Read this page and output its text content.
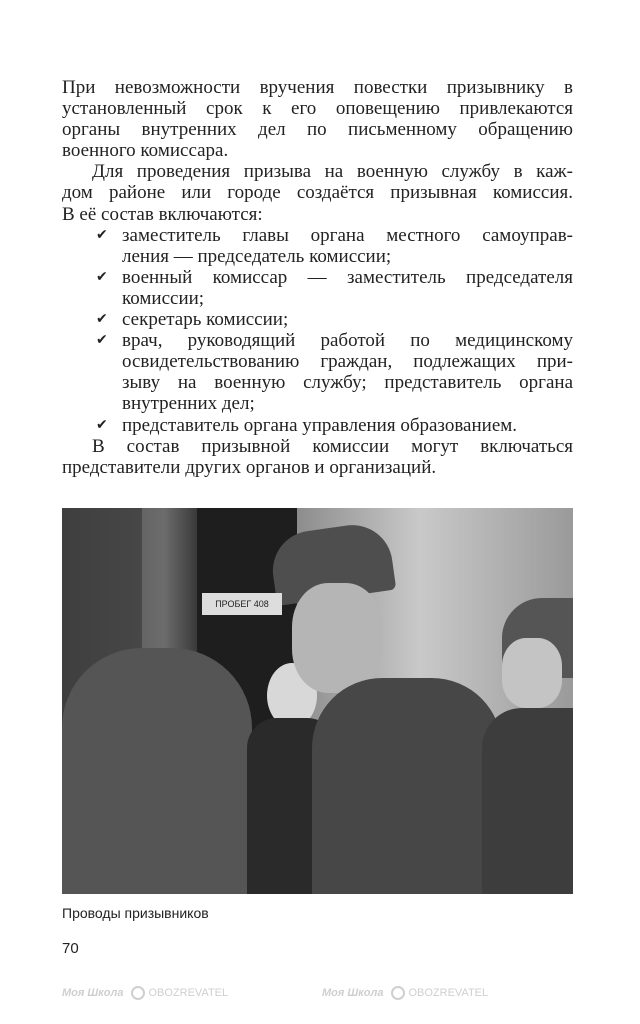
Моя Школа OBOZREVATEL	Моя Школа OBOZREVATEL
При невозможности вручения повестки призывнику в
установленный срок к его оповещению привлекаются
органы внутренних дел по письменному обращению
военного комиссара.
Для проведения призыва на военную службу в каж-
дом районе или городе создаётся призывная комиссия.
В её состав включаются:
✔ заместитель главы органа местного самоуправ-
ления — председатель комиссии;
✔ военный комиссар — заместитель председателя
комиссии;
✔ секретарь комиссии;
✔ врач, руководящий работой по медицинскому
освидетельствованию граждан, подлежащих при-
зыву на военную службу; представитель органа
внутренних дел;
✔ представитель органа управления образованием.
В состав призывной комиссии могут включаться
представители других органов и организаций.
ПРОБЕГ 408
Проводы призывников
70
